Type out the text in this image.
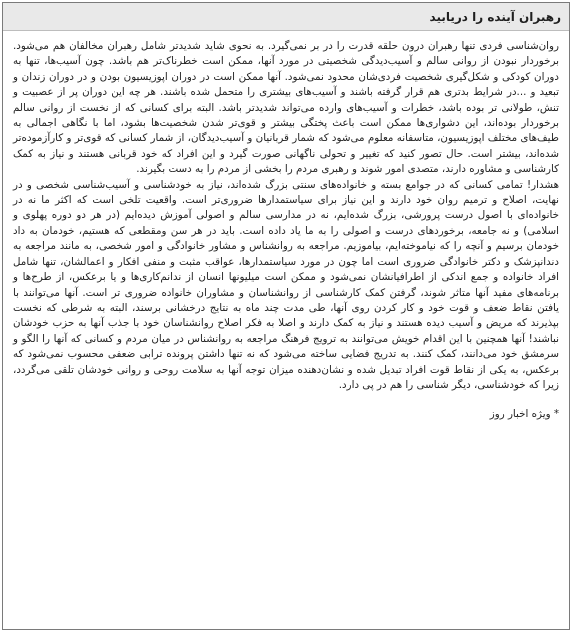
رهبران آینده را دریابید

روان‌شناسی فردی تنها رهبران درون حلقه قدرت را در بر نمی‌گیرد. به نحوی شاید شدیدتر شامل رهبران مخالفان هم می‌شود. برخوردار نبودن از روانی سالم و آسیب‌دیدگی شخصیتی در مورد آنها، ممکن است خطرناک‌تر هم باشد. چون آسیب‌ها، تنها به دوران کودکی و شکل‌گیری شخصیت فردی‌شان محدود نمی‌شود. آنها ممکن است در دوران اپوزیسیون بودن و در دوران زندان و تبعید و ...در شرایط بدتری هم قرار گرفته باشند و آسیب‌های بیشتری را متحمل شده باشند. هر چه این دوران پر از عصبیت و تنش، طولانی تر بوده باشد، خطرات و آسیب‌های وارده می‌تواند شدیدتر باشد. البته برای کسانی که از نخست از روانی سالم برخوردار بوده‌اند، این دشواری‌ها ممکن است باعث پختگی بیشتر و قوی‌تر شدن شخصیت‌ها بشود، اما با نگاهی اجمالی به طیف‌های مختلف اپوزیسیون، متاسفانه معلوم می‌شود که شمار قربانیان و آسیب‌دیدگان، از شمار کسانی که قوی‌تر و کارآزموده‌تر شده‌اند، بیشتر است. حال تصور کنید که تغییر و تحولی ناگهانی صورت گیرد و این افراد که خود قربانی هستند و نیاز به کمک کارشناسی و مشاوره دارند، متصدی امور شوند و رهبری مردم را بخشی از مردم را به دست بگیرند.

هشدار! تمامی کسانی که در جوامع بسته و خانواده‌های سنتی بزرگ شده‌اند، نیاز به خودشناسی و آسیب‌شناسی شخصی و در نهایت، اصلاح و ترمیم روان خود دارند و این نیاز برای سیاستمدارها ضروری‌تر است. واقعیت تلخی است که اکثر ما نه در خانواده‌ای با اصول درست پرورشی، بزرگ شده‌ایم، نه در مدارسی سالم و اصولی آموزش دیده‌ایم (در هر دو دوره پهلوی و اسلامی) و نه جامعه، برخوردهای درست و اصولی را به ما یاد داده است. باید در هر سن ومقطعی که هستیم، خودمان به داد خودمان برسیم و آنچه را که نیاموخته‌ایم، بیاموزیم. مراجعه به روانشناس و مشاور خانوادگی و امور شخصی، به مانند مراجعه به دندانپزشک و دکتر خانوادگی ضروری است اما چون در مورد سیاستمدارها، عواقب مثبت و منفی افکار و اعمالشان، تنها شامل افراد خانواده و جمع اندکی از اطرافیانشان نمی‌شود و ممکن است میلیونها انسان از ندانم‌کاری‌ها و یا برعکس، از طرح‌ها و برنامه‌های مفید آنها متاثر شوند، گرفتن کمک کارشناسی از روانشناسان و مشاوران خانواده ضروری تر است. آنها می‌توانند با یافتن نقاط ضعف و قوت خود و کار کردن روی آنها، طی مدت چند ماه به نتایج درخشانی برسند، البته به شرطی که نخست بپذیرند که مریض و آسیب دیده هستند و نیاز به کمک دارند و اصلا به فکر اصلاح روانشناسان خود با جذب آنها به حزب خودشان نباشند! آنها همچنین با این اقدام خویش می‌توانند به ترویج فرهنگ مراجعه به روانشناس در میان مردم و کسانی که آنها را الگو و سرمشق خود می‌دانند، کمک کنند. به تدریج فضایی ساخته می‌شود که نه تنها داشتن پرونده ترابی ضعفی محسوب نمی‌شود که برعکس، به یکی از نقاط قوت افراد تبدیل شده و نشان‌دهنده میزان توجه آنها به سلامت روحی و روانی خودشان تلقی می‌گردد، زیرا که خودشناسی، دیگر شناسی را هم در پی دارد.

* ویژه اخبار روز
